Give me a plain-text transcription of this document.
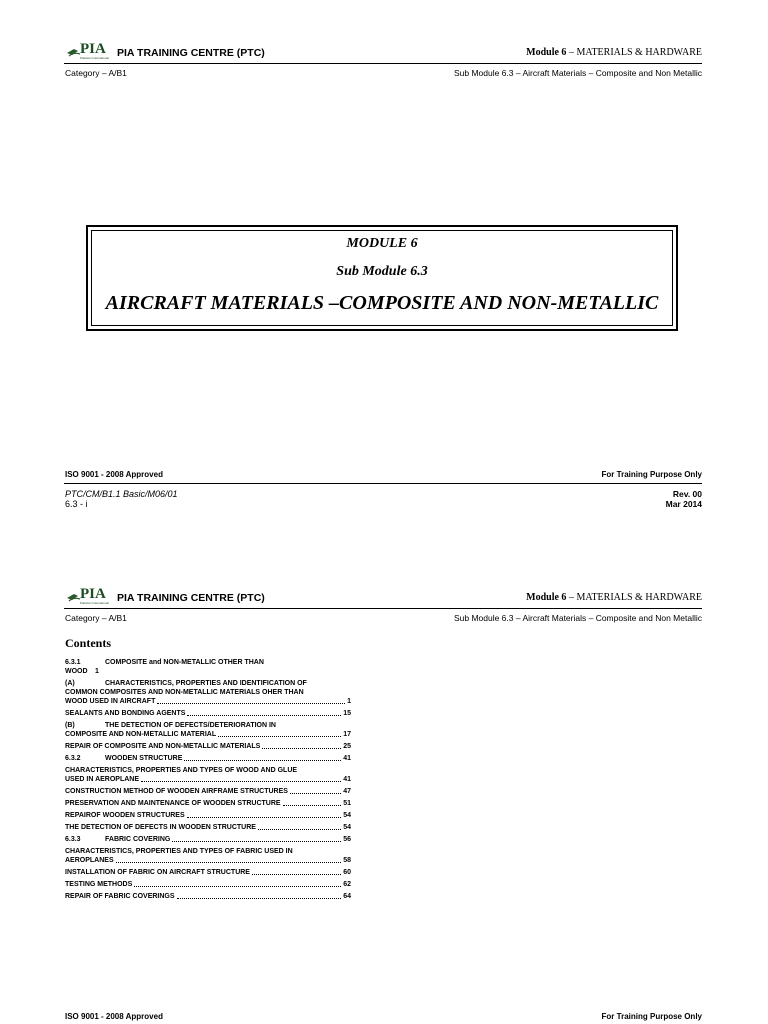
PIA
Pakistan International PIA TRAINING CENTRE (PTC)	Module 6 – MATERIALS & HARDWARE
Category – A/B1	Sub Module 6.3 – Aircraft Materials – Composite and Non Metallic
MODULE 6
Sub Module 6.3
AIRCRAFT MATERIALS –COMPOSITE AND NON-METALLIC
ISO 9001 - 2008 Approved	For Training Purpose Only
PTC/CM/B1.1 Basic/M06/01
6.3 - i
Rev. 00
Mar 2014
PIA
Pakistan International PIA TRAINING CENTRE (PTC)	Module 6 – MATERIALS & HARDWARE
Category – A/B1	Sub Module 6.3 – Aircraft Materials – Composite and Non Metallic
Contents
6.3.1	COMPOSITE and NON-METALLIC OTHER THAN
WOOD 1
(A)	CHARACTERISTICS, PROPERTIES AND IDENTIFICATION OF
COMMON COMPOSITES AND NON-METALLIC MATERIALS OHER THAN
WOOD USED IN AIRCRAFT	1
SEALANTS AND BONDING AGENTS	15
(B)	THE DETECTION OF DEFECTS/DETERIORATION IN
COMPOSITE AND NON-METALLIC MATERIAL	17
REPAIR OF COMPOSITE AND NON-METALLIC MATERIALS	25
6.3.2	WOODEN STRUCTURE	41
CHARACTERISTICS, PROPERTIES AND TYPES OF WOOD AND GLUE
USED IN AEROPLANE	41
CONSTRUCTION METHOD OF WOODEN AIRFRAME STRUCTURES	47
PRESERVATION AND MAINTENANCE OF WOODEN STRUCTURE	51
REPAIROF WOODEN STRUCTURES	54
THE DETECTION OF DEFECTS IN WOODEN STRUCTURE	54
6.3.3	FABRIC COVERING	56
CHARACTERISTICS, PROPERTIES AND TYPES OF FABRIC USED IN
AEROPLANES	58
INSTALLATION OF FABRIC ON AIRCRAFT STRUCTURE	60
TESTING METHODS	62
REPAIR OF FABRIC COVERINGS	64
ISO 9001 - 2008 Approved	For Training Purpose Only
